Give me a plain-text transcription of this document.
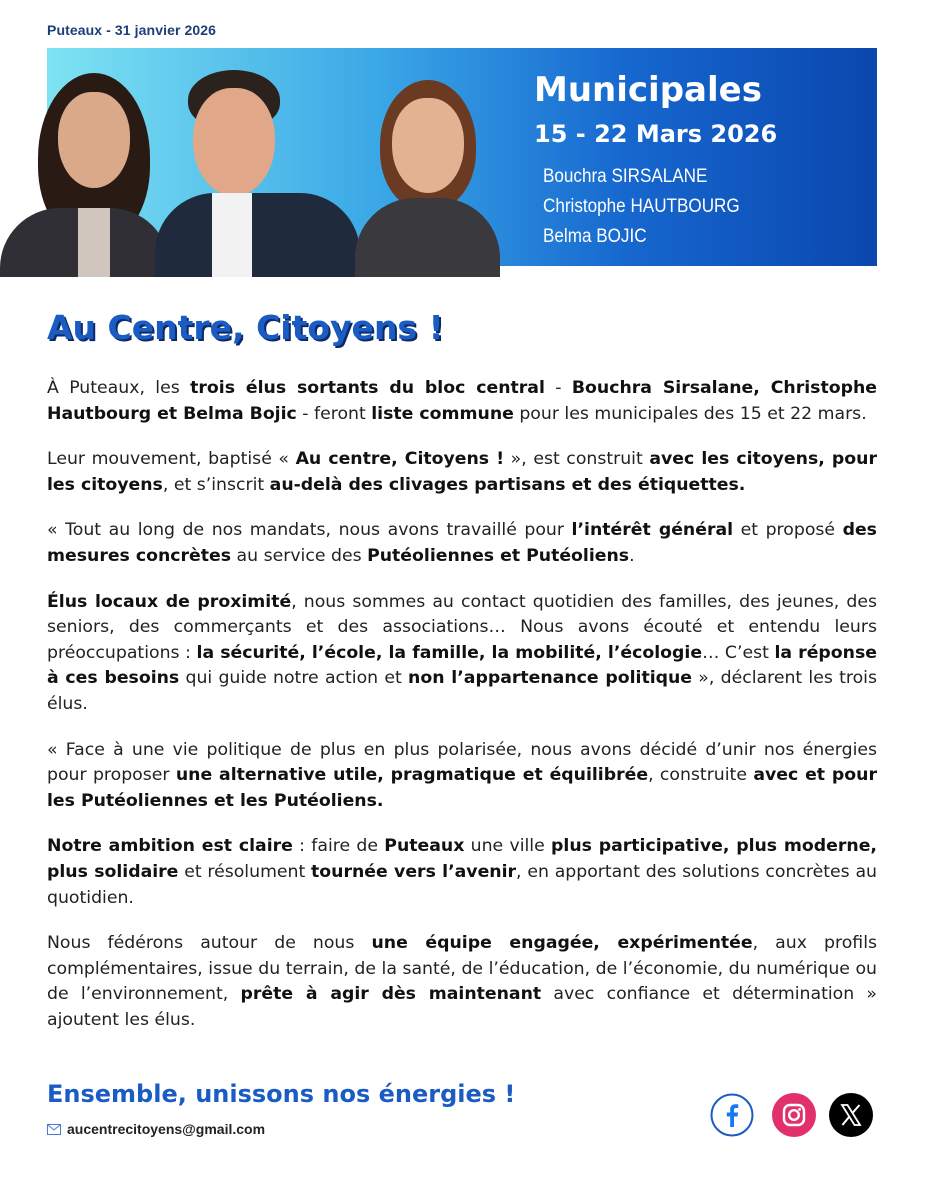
Puteaux - 31 janvier 2026
Municipales
15 - 22 Mars 2026
Bouchra SIRSALANE
Christophe HAUTBOURG
Belma BOJIC
Au Centre, Citoyens !

À Puteaux, les trois élus sortants du bloc central - Bouchra Sirsalane, Christophe Hautbourg et Belma Bojic - feront liste commune pour les municipales des 15 et 22 mars.

Leur mouvement, baptisé « Au centre, Citoyens ! », est construit avec les citoyens, pour les citoyens, et s’inscrit au-delà des clivages partisans et des étiquettes.

« Tout au long de nos mandats, nous avons travaillé pour l’intérêt général et proposé des mesures concrètes au service des Putéoliennes et Putéoliens.

Élus locaux de proximité, nous sommes au contact quotidien des familles, des jeunes, des seniors, des commerçants et des associations… Nous avons écouté et entendu leurs préoccupations : la sécurité, l’école, la famille, la mobilité, l’écologie… C’est la réponse à ces besoins qui guide notre action et non l’appartenance politique », déclarent les trois élus.

« Face à une vie politique de plus en plus polarisée, nous avons décidé d’unir nos énergies pour proposer une alternative utile, pragmatique et équilibrée, construite avec et pour les Putéoliennes et les Putéoliens.

Notre ambition est claire : faire de Puteaux une ville plus participative, plus moderne, plus solidaire et résolument tournée vers l’avenir, en apportant des solutions concrètes au quotidien.

Nous fédérons autour de nous une équipe engagée, expérimentée, aux profils complémentaires, issue du terrain, de la santé, de l’éducation, de l’économie, du numérique ou de l’environnement, prête à agir dès maintenant avec confiance et détermination » ajoutent les élus.

Ensemble, unissons nos énergies !
aucentrecitoyens@gmail.com
